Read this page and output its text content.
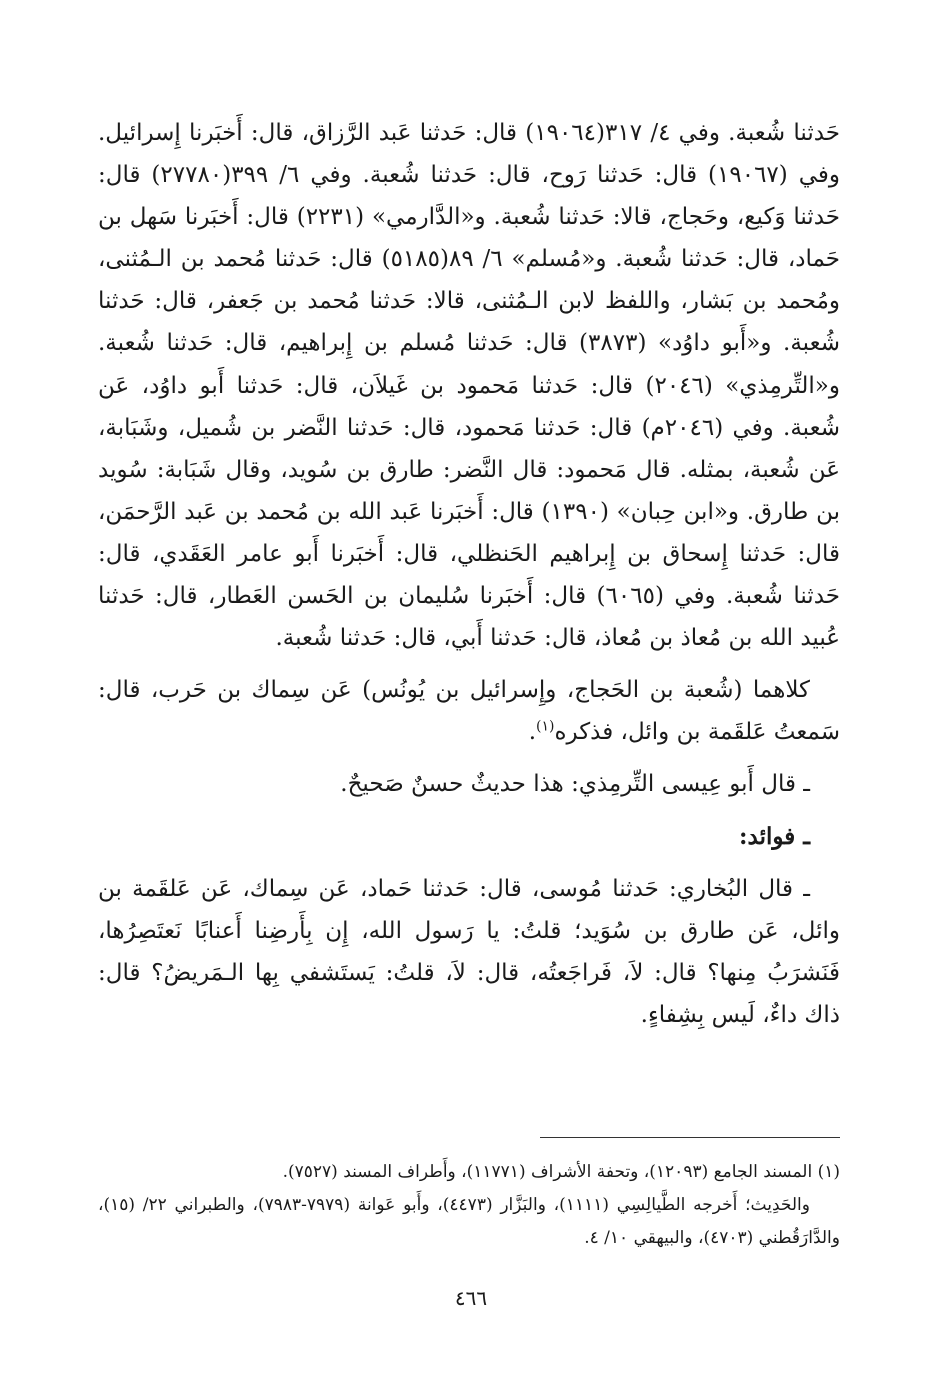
حَدثنا شُعبة. وفي ٤/ ٣١٧(١٩٠٦٤) قال: حَدثنا عَبد الرَّزاق، قال: أَخبَرنا إِسرائيل. وفي (١٩٠٦٧) قال: حَدثنا رَوح، قال: حَدثنا شُعبة. وفي ٦/ ٣٩٩(٢٧٧٨٠) قال: حَدثنا وَكيع، وحَجاج، قالا: حَدثنا شُعبة. و«الدَّارمي» (٢٢٣١) قال: أَخبَرنا سَهل بن حَماد، قال: حَدثنا شُعبة. و«مُسلم» ٦/ ٨٩(٥١٨٥) قال: حَدثنا مُحمد بن الـمُثنى، ومُحمد بن بَشار، واللفظ لابن الـمُثنى، قالا: حَدثنا مُحمد بن جَعفر، قال: حَدثنا شُعبة. و«أَبو داوُد» (٣٨٧٣) قال: حَدثنا مُسلم بن إِبراهيم، قال: حَدثنا شُعبة. و«التِّرمِذي» (٢٠٤٦) قال: حَدثنا مَحمود بن غَيلاَن، قال: حَدثنا أَبو داوُد، عَن شُعبة. وفي (٢٠٤٦م) قال: حَدثنا مَحمود، قال: حَدثنا النَّضر بن شُميل، وشَبَابة، عَن شُعبة، بمثله. قال مَحمود: قال النَّضر: طارق بن سُويد، وقال شَبَابة: سُويد بن طارق. و«ابن حِبان» (١٣٩٠) قال: أَخبَرنا عَبد الله بن مُحمد بن عَبد الرَّحمَن، قال: حَدثنا إِسحاق بن إِبراهيم الحَنظلي، قال: أَخبَرنا أَبو عامر العَقَدي، قال: حَدثنا شُعبة. وفي (٦٠٦٥) قال: أَخبَرنا سُليمان بن الحَسن العَطار، قال: حَدثنا عُبيد الله بن مُعاذ بن مُعاذ، قال: حَدثنا أَبي، قال: حَدثنا شُعبة.

كلاهما (شُعبة بن الحَجاج، وإِسرائيل بن يُونُس) عَن سِماك بن حَرب، قال: سَمعتُ عَلقَمة بن وائل، فذكره$^{(١)}$.

ـ قال أَبو عِيسى التِّرمِذي: هذا حديثٌ حسنٌ صَحيحٌ.

ـ فوائد:

ـ قال البُخاري: حَدثنا مُوسى، قال: حَدثنا حَماد، عَن سِماك، عَن عَلقَمة بن وائل، عَن طارق بن سُوَيد؛ قلتُ: يا رَسول الله، إِن بِأَرضِنا أَعنابًا نَعتَصِرُها، فَنَشرَبُ مِنها؟ قال: لاَ، فَراجَعتُه، قال: لاَ، قلتُ: يَستَشفي بِها الـمَريضُ؟ قال: ذاك داءٌ، لَيس بِشِفاءٍ.

(١) المسند الجامع (١٢٠٩٣)، وتحفة الأشراف (١١٧٧١)، وأَطراف المسند (٧٥٢٧).

والحَدِيث؛ أَخرجه الطَّيالِسِي (١١١١)، والبَزَّار (٤٤٧٣)، وأَبو عَوانة (٧٩٧٩-٧٩٨٣)، والطبراني ٢٢/ (١٥)، والدَّارَقُطني (٤٧٠٣)، والبيهقي ١٠/ ٤.

٤٦٦
